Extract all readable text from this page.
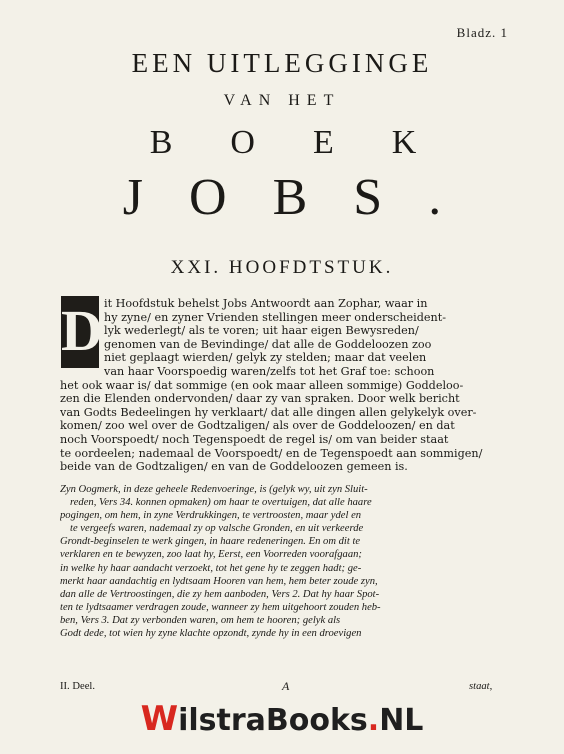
Bladz. 1
EEN UITLEGGINGE
VAN HET
BOEK
JOBS.
XXI. HOOFDTSTUK.
D it Hoofdstuk behelst Jobs Antwoordt aan Zophar, waar in
hy zyne/ en zyner Vrienden stellingen meer onderscheident-
lyk wederlegt/ als te voren; uit haar eigen Bewysreden/
genomen van de Bevindinge/ dat alle de Goddeloozen zoo
niet geplaagt wierden/ gelyk zy stelden; maar dat veelen
van haar Voorspoedig waren/zelfs tot het Graf toe: schoon
het ook waar is/ dat sommige (en ook maar alleen sommige) Goddeloo-
zen die Elenden ondervonden/ daar zy van spraken. Door welk bericht
van Godts Bedeelingen hy verklaart/ dat alle dingen allen gelykelyk over-
komen/ zoo wel over de Godtzaligen/ als over de Goddeloozen/ en dat
noch Voorspoedt/ noch Tegenspoedt de regel is/ om van beider staat
te oordeelen; nademaal de Voorspoedt/ en de Tegenspoedt aan sommigen/
beide van de Godtzaligen/ en van de Goddeloozen gemeen is.
Zyn Oogmerk, in deze geheele Redenvoeringe, is (gelyk wy, uit zyn Sluit-
reden, Vers 34. konnen opmaken) om haar te overtuigen, dat alle haare
pogingen, om hem, in zyne Verdrukkingen, te vertroosten, maar ydel en
te vergeefs waren, nademaal zy op valsche Gronden, en uit verkeerde
Grondt-beginselen te werk gingen, in haare redeneringen. En om dit te
verklaren en te bewyzen, zoo laat hy, Eerst, een Voorreden voorafgaan;
in welke hy haar aandacht verzoekt, tot het gene hy te zeggen hadt; ge-
merkt haar aandachtig en lydtsaam Hooren van hem, hem beter zoude zyn,
dan alle de Vertroostingen, die zy hem aanboden, Vers 2. Dat hy haar Spot-
ten te lydtsaamer verdragen zoude, wanneer zy hem uitgehoort zouden heb-
ben, Vers 3. Dat zy verbonden waren, om hem te hooren; gelyk als
Godt dede, tot wien hy zyne klachte opzondt, zynde hy in een droevigen
II. Deel.	A	staat,
WilstraBooks.NL
